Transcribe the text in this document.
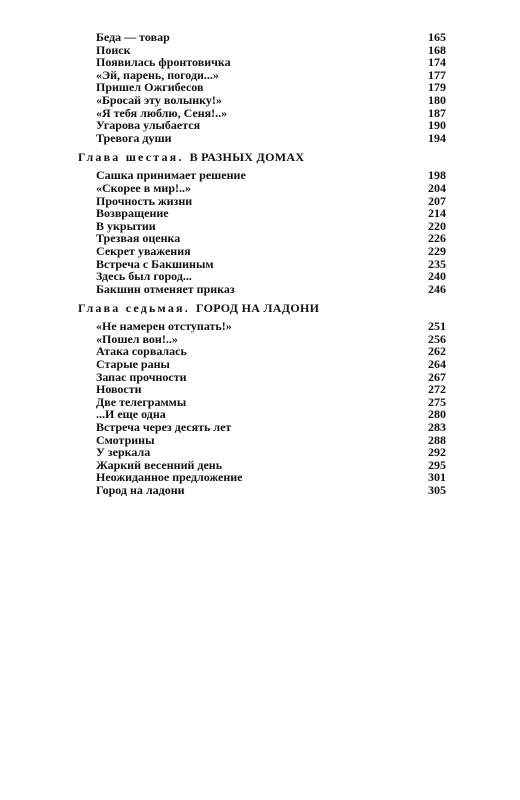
Беда — товар	165
Поиск	168
Появилась фронтовичка	174
«Эй, парень, погоди...»	177
Пришел Ожгибесов	179
«Бросай эту волынку!»	180
«Я тебя люблю, Сеня!..»	187
Угарова улыбается	190
Тревога души	194
Глава шестая. В РАЗНЫХ ДОМАХ
Сашка принимает решение	198
«Скорее в мир!..»	204
Прочность жизни	207
Возвращение	214
В укрытии	220
Трезвая оценка	226
Секрет уважения	229
Встреча с Бакшиным	235
Здесь был город...	240
Бакшин отменяет приказ	246
Глава седьмая. ГОРОД НА ЛАДОНИ
«Не намерен отступать!»	251
«Пошел вон!..»	256
Атака сорвалась	262
Старые раны	264
Запас прочности	267
Новости	272
Две телеграммы	275
...И еще одна	280
Встреча через десять лет	283
Смотрины	288
У зеркала	292
Жаркий весенний день	295
Неожиданное предложение	301
Город на ладони	305
